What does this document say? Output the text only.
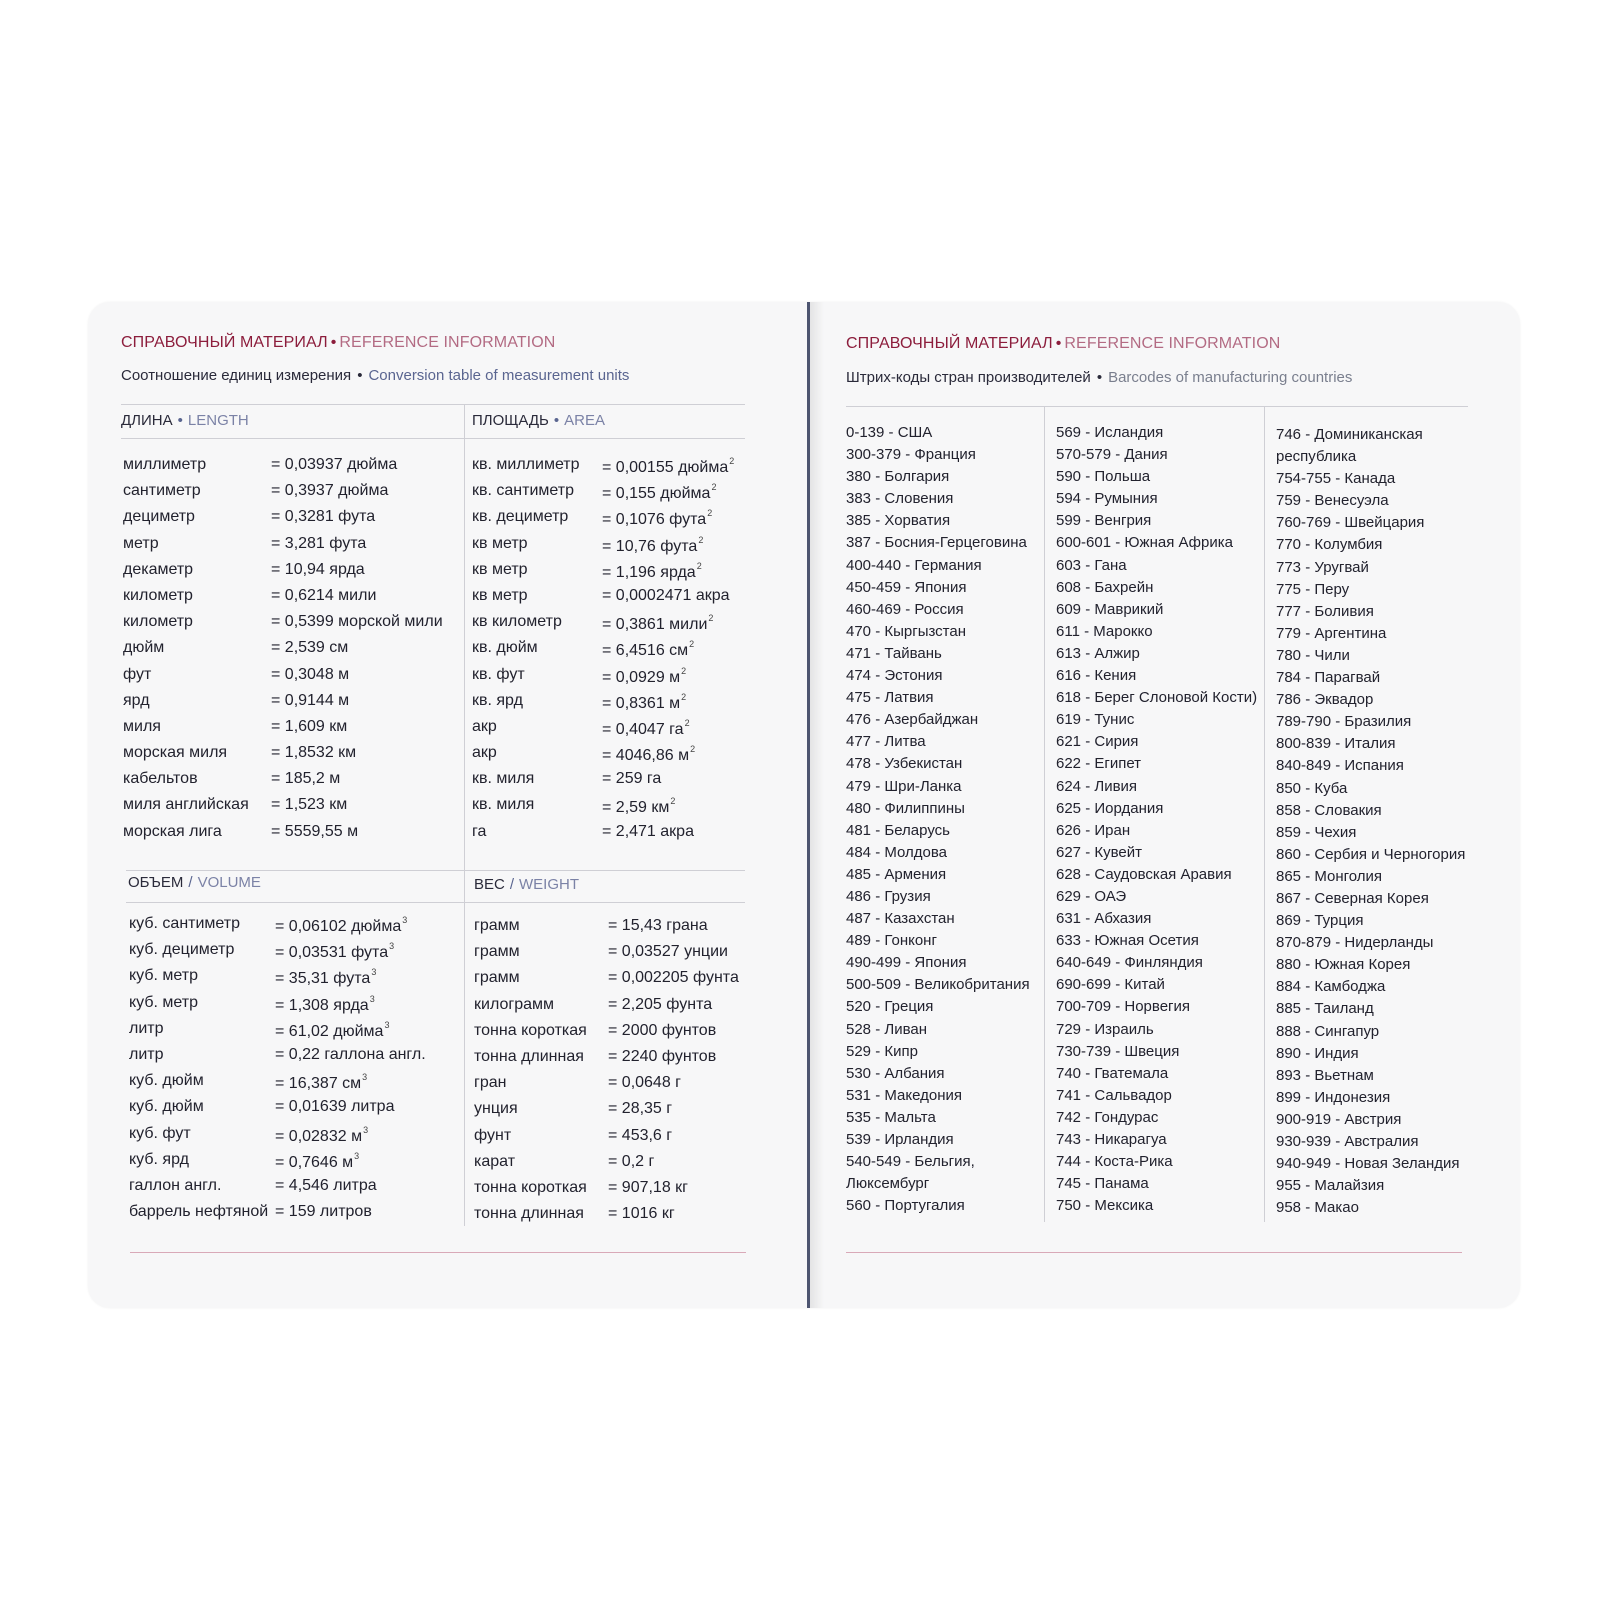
СПРАВОЧНЫЙ МАТЕРИАЛ • REFERENCE INFORMATION
Соотношение единиц измерения • Conversion table of measurement units
ДЛИНА • LENGTH
миллиметр	= 0,03937 дюйма
сантиметр	= 0,3937 дюйма
дециметр	= 0,3281 фута
метр	= 3,281 фута
декаметр	= 10,94 ярда
километр	= 0,6214 мили
километр	= 0,5399 морской мили
дюйм	= 2,539 см
фут	= 0,3048 м
ярд	= 0,9144 м
миля	= 1,609 км
морская миля	= 1,8532 км
кабельтов	= 185,2 м
миля английская = 1,523 км
морская лига	= 5559,55 м
ПЛОЩАДЬ • AREA
кв. миллиметр = 0,00155 дюйма$^2$
кв. сантиметр = 0,155 дюйма$^2$
кв. дециметр = 0,1076 фута$^2$
кв метр	= 10,76 фута$^2$
кв метр	= 1,196 ярда$^2$
кв метр	= 0,0002471 акра
кв километр	= 0,3861 мили$^2$
кв. дюйм	= 6,4516 $см^2$
кв. фут	= 0,0929 $м^2$
кв. ярд	= 0,8361 $м^2$
акр	= 0,4047 $га^2$
акр	= 4046,86 $м^2$
кв. миля	= 259 га
кв. миля	= 2,59 $км^2$
га	= 2,471 акра
ОБЪЕМ / VOLUME
куб. сантиметр = 0,06102 дюйма$^3$
куб. дециметр	= 0,03531 фута$^3$
куб. метр	= 35,31 фута$^3$
куб. метр	= 1,308 ярда$^3$
литр	= 61,02 дюйма$^3$
литр	= 0,22 галлона англ.
куб. дюйм	= 16,387 $см^3$
куб. дюйм	= 0,01639 литра
куб. фут	= 0,02832 $м^3$
куб. ярд	= 0,7646 $м^3$
галлон англ.	= 4,546 литра
баррель нефтяной = 159 литров
ВЕС / WEIGHT
грамм	= 15,43 грана
грамм	= 0,03527 унции
грамм	= 0,002205 фунта
килограмм	= 2,205 фунта
тонна короткая = 2000 фунтов
тонна длинная = 2240 фунтов
гран	= 0,0648 г
унция	= 28,35 г
фунт	= 453,6 г
карат	= 0,2 г
тонна короткая = 907,18 кг
тонна длинная = 1016 кг
СПРАВОЧНЫЙ МАТЕРИАЛ • REFERENCE INFORMATION
Штрих-коды стран производителей • Barcodes of manufacturing countries
0-139 - США
300-379 - Франция
380 - Болгария
383 - Словения
385 - Хорватия
387 - Босния-Герцеговина
400-440 - Германия
450-459 - Япония
460-469 - Россия
470 - Кыргызстан
471 - Тайвань
474 - Эстония
475 - Латвия
476 - Азербайджан
477 - Литва
478 - Узбекистан
479 - Шри-Ланка
480 - Филиппины
481 - Беларусь
484 - Молдова
485 - Армения
486 - Грузия
487 - Казахстан
489 - Гонконг
490-499 - Япония
500-509 - Великобритания
520 - Греция
528 - Ливан
529 - Кипр
530 - Албания
531 - Македония
535 - Мальта
539 - Ирландия
540-549 - Бельгия,
Люксембург
560 - Португалия
569 - Исландия
570-579 - Дания
590 - Польша
594 - Румыния
599 - Венгрия
600-601 - Южная Африка
603 - Гана
608 - Бахрейн
609 - Маврикий
611 - Марокко
613 - Алжир
616 - Кения
618 - Берег Слоновой Кости)
619 - Тунис
621 - Сирия
622 - Египет
624 - Ливия
625 - Иордания
626 - Иран
627 - Кувейт
628 - Саудовская Аравия
629 - ОАЭ
631 - Абхазия
633 - Южная Осетия
640-649 - Финляндия
690-699 - Китай
700-709 - Норвегия
729 - Израиль
730-739 - Швеция
740 - Гватемала
741 - Сальвадор
742 - Гондурас
743 - Никарагуа
744 - Коста-Рика
745 - Панама
750 - Мексика
746 - Доминиканская
республика
754-755 - Канада
759 - Венесуэла
760-769 - Швейцария
770 - Колумбия
773 - Уругвай
775 - Перу
777 - Боливия
779 - Аргентина
780 - Чили
784 - Парагвай
786 - Эквадор
789-790 - Бразилия
800-839 - Италия
840-849 - Испания
850 - Куба
858 - Словакия
859 - Чехия
860 - Сербия и Черногория
865 - Монголия
867 - Северная Корея
869 - Турция
870-879 - Нидерланды
880 - Южная Корея
884 - Камбоджа
885 - Таиланд
888 - Сингапур
890 - Индия
893 - Вьетнам
899 - Индонезия
900-919 - Австрия
930-939 - Австралия
940-949 - Новая Зеландия
955 - Малайзия
958 - Макао
